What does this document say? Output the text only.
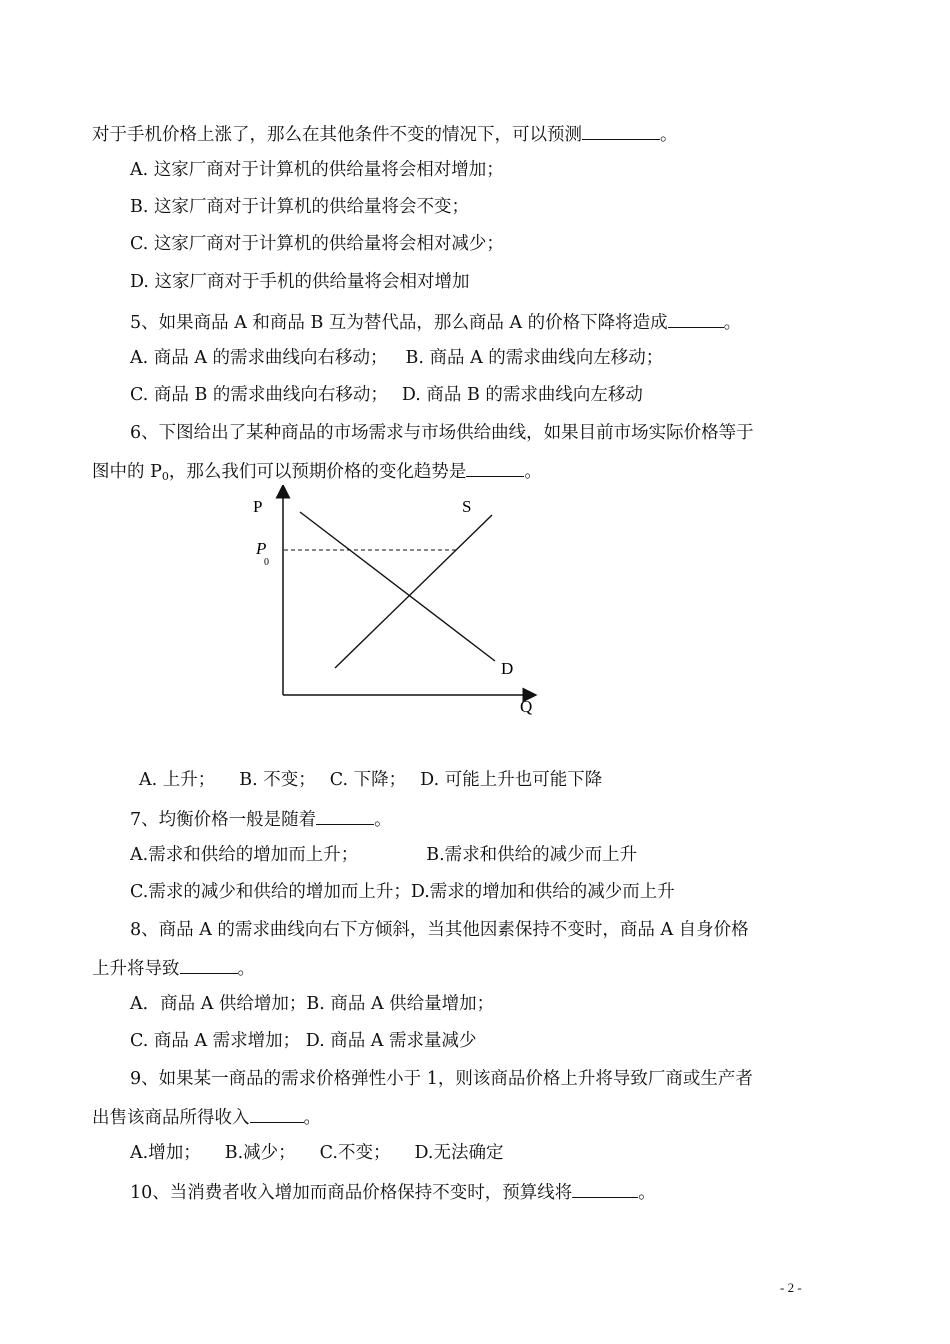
对于手机价格上涨了，那么在其他条件不变的情况下，可以预测	。
A. 这家厂商对于计算机的供给量将会相对增加；
B. 这家厂商对于计算机的供给量将会不变；
C. 这家厂商对于计算机的供给量将会相对减少；
D. 这家厂商对于手机的供给量将会相对增加
5、如果商品 A 和商品 B 互为替代品，那么商品 A 的价格下降将造成	。
A. 商品 A 的需求曲线向右移动； B. 商品 A 的需求曲线向左移动；
C. 商品 B 的需求曲线向右移动； D. 商品 B 的需求曲线向左移动
6、下图给出了某种商品的市场需求与市场供给曲线，如果目前市场实际价格等于
图中的 $P_0$，那么我们可以预期价格的变化趋势是	。
P	S
D
Q
P
0
A. 上升； B. 不变； C. 下降； D. 可能上升也可能下降
7、均衡价格一般是随着	。
A.需求和供给的增加而上升；	B.需求和供给的减少而上升
C.需求的减少和供给的增加而上升；D.需求的增加和供给的减少而上升
8、商品 A 的需求曲线向右下方倾斜，当其他因素保持不变时，商品 A 自身价格
上升将导致	。
A．商品 A 供给增加；B. 商品 A 供给量增加；
C. 商品 A 需求增加； D. 商品 A 需求量减少
9、如果某一商品的需求价格弹性小于 1，则该商品价格上升将导致厂商或生产者
出售该商品所得收入	。
A.增加； B.减少； C.不变； D.无法确定
10、当消费者收入增加而商品价格保持不变时，预算线将	。
- 2 -
